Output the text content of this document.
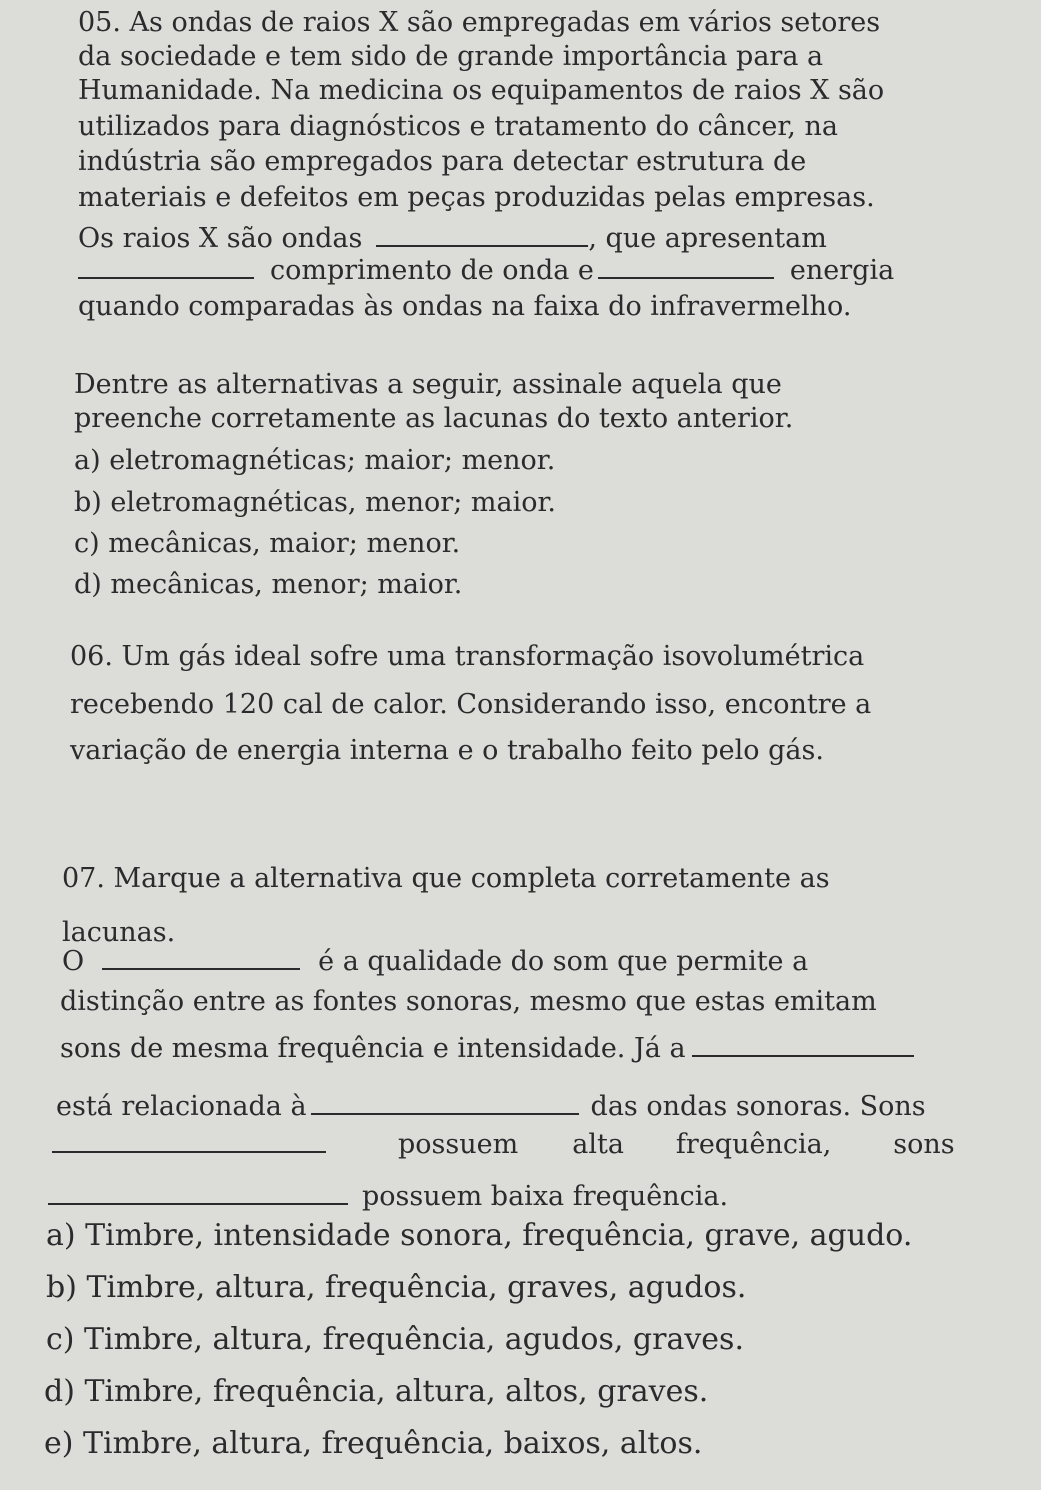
05. As ondas de raios X são empregadas em vários setores
da sociedade e tem sido de grande importância para a
Humanidade. Na medicina os equipamentos de raios X são
utilizados para diagnósticos e tratamento do câncer, na
indústria são empregados para detectar estrutura de
materiais e defeitos em peças produzidas pelas empresas.
Os raios X são ondas	, que apresentam
comprimento de onda e	energia
quando comparadas às ondas na faixa do infravermelho.
Dentre as alternativas a seguir, assinale aquela que
preenche corretamente as lacunas do texto anterior.
a) eletromagnéticas; maior; menor.
b) eletromagnéticas, menor; maior.
c) mecânicas, maior; menor.
d) mecânicas, menor; maior.
06. Um gás ideal sofre uma transformação isovolumétrica
recebendo 120 cal de calor. Considerando isso, encontre a
variação de energia interna e o trabalho feito pelo gás.
07. Marque a alternativa que completa corretamente as
lacunas.
O	é a qualidade do som que permite a
distinção entre as fontes sonoras, mesmo que estas emitam
sons de mesma frequência e intensidade. Já a
está relacionada à	das ondas sonoras. Sons
possuem alta frequência, sons
possuem baixa frequência.
a) Timbre, intensidade sonora, frequência, grave, agudo.
b) Timbre, altura, frequência, graves, agudos.
c) Timbre, altura, frequência, agudos, graves.
d) Timbre, frequência, altura, altos, graves.
e) Timbre, altura, frequência, baixos, altos.
